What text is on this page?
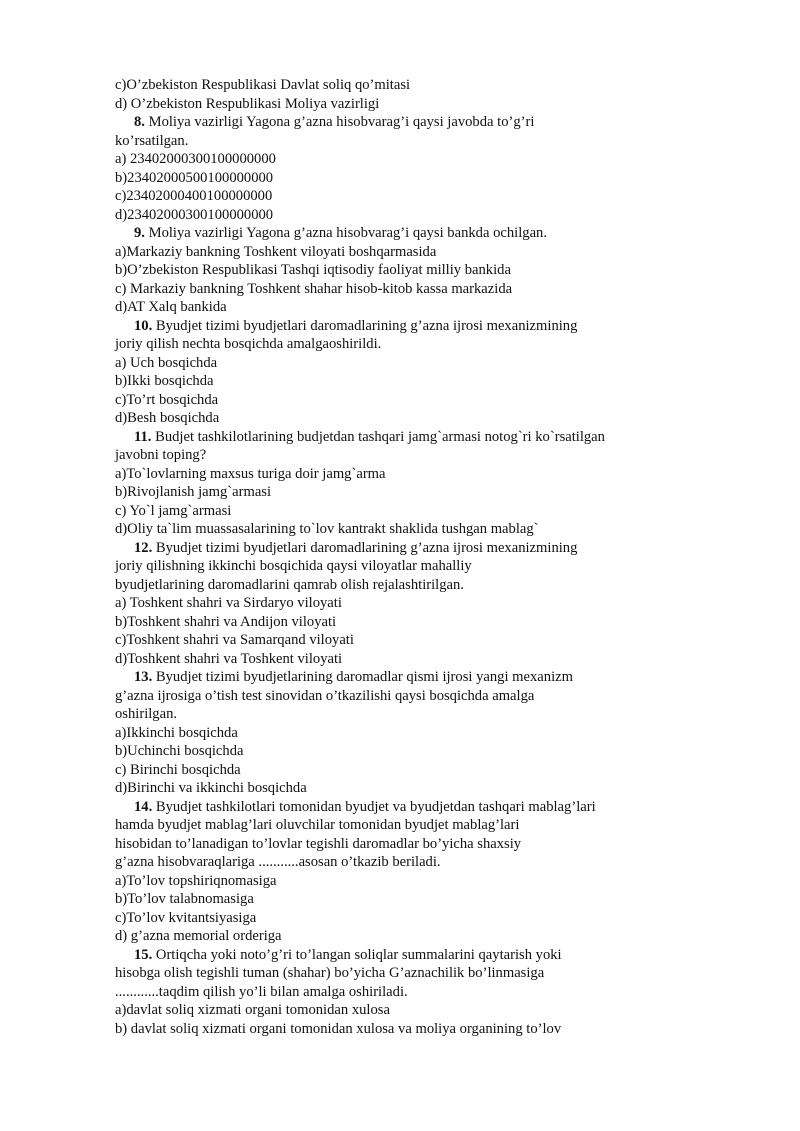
c)O’zbekiston Respublikasi Davlat soliq qo’mitasi
d) O’zbekiston Respublikasi Moliya vazirligi
8. Moliya vazirligi Yagona g’azna hisobvarag’i qaysi javobda to’g’ri
ko’rsatilgan.
a) 23402000300100000000
b)23402000500100000000
c)23402000400100000000
d)23402000300100000000
9. Moliya vazirligi Yagona g’azna hisobvarag’i qaysi bankda ochilgan.
a)Markaziy bankning Toshkent viloyati boshqarmasida
b)O’zbekiston Respublikasi Tashqi iqtisodiy faoliyat milliy bankida
c) Markaziy bankning Toshkent shahar hisob-kitob kassa markazida
d)AT Xalq bankida
10. Byudjet tizimi byudjetlari daromadlarining g’azna ijrosi mexanizmining
joriy qilish nechta bosqichda amalgaoshirildi.
a) Uch bosqichda
b)Ikki bosqichda
c)To’rt bosqichda
d)Besh bosqichda
11. Budjet tashkilotlarining budjetdan tashqari jamg`armasi notog`ri ko`rsatilgan
javobni toping?
a)To`lovlarning maxsus turiga doir jamg`arma
b)Rivojlanish jamg`armasi
c) Yo`l jamg`armasi
d)Oliy ta`lim muassasalarining to`lov kantrakt shaklida tushgan mablag`
12. Byudjet tizimi byudjetlari daromadlarining g’azna ijrosi mexanizmining
joriy qilishning ikkinchi bosqichida qaysi viloyatlar mahalliy
byudjetlarining daromadlarini qamrab olish rejalashtirilgan.
a) Toshkent shahri va Sirdaryo viloyati
b)Toshkent shahri va Andijon viloyati
c)Toshkent shahri va Samarqand viloyati
d)Toshkent shahri va Toshkent viloyati
13. Byudjet tizimi byudjetlarining daromadlar qismi ijrosi yangi mexanizm
g’azna ijrosiga o’tish test sinovidan o’tkazilishi qaysi bosqichda amalga
oshirilgan.
a)Ikkinchi bosqichda
b)Uchinchi bosqichda
c) Birinchi bosqichda
d)Birinchi va ikkinchi bosqichda
14. Byudjet tashkilotlari tomonidan byudjet va byudjetdan tashqari mablag’lari
hamda byudjet mablag’lari oluvchilar tomonidan byudjet mablag’lari
hisobidan to’lanadigan to’lovlar tegishli daromadlar bo’yicha shaxsiy
g’azna hisobvaraqlariga ...........asosan o’tkazib beriladi.
a)To’lov topshiriqnomasiga
b)To’lov talabnomasiga
c)To’lov kvitantsiyasiga
d) g’azna memorial orderiga
15. Ortiqcha yoki noto’g’ri to’langan soliqlar summalarini qaytarish yoki
hisobga olish tegishli tuman (shahar) bo’yicha G’aznachilik bo’linmasiga
............taqdim qilish yo’li bilan amalga oshiriladi.
a)davlat soliq xizmati organi tomonidan xulosa
b) davlat soliq xizmati organi tomonidan xulosa va moliya organining to’lov
